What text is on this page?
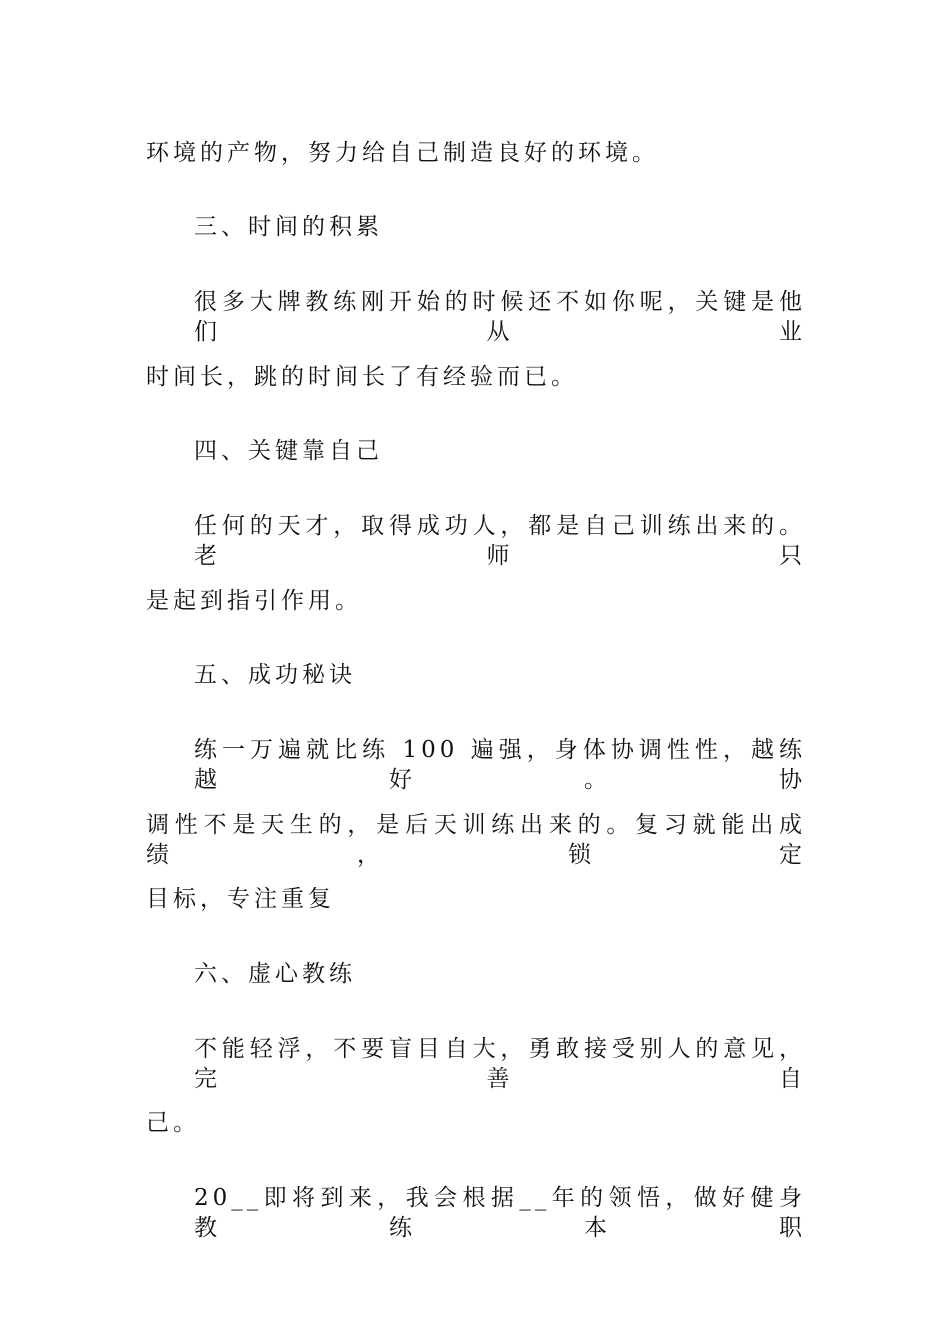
环境的产物，努力给自己制造良好的环境。
三、时间的积累
很多大牌教练刚开始的时候还不如你呢，关键是他们从业
时间长，跳的时间长了有经验而已。
四、关键靠自己
任何的天才，取得成功人，都是自己训练出来的。老师只
是起到指引作用。
五、成功秘诀
练一万遍就比练 100 遍强，身体协调性性，越练越好。协
调性不是天生的，是后天训练出来的。复习就能出成绩，锁定
目标，专注重复
六、虚心教练
不能轻浮，不要盲目自大，勇敢接受别人的意见，完善自
己。
20__即将到来，我会根据__年的领悟，做好健身教练本职
